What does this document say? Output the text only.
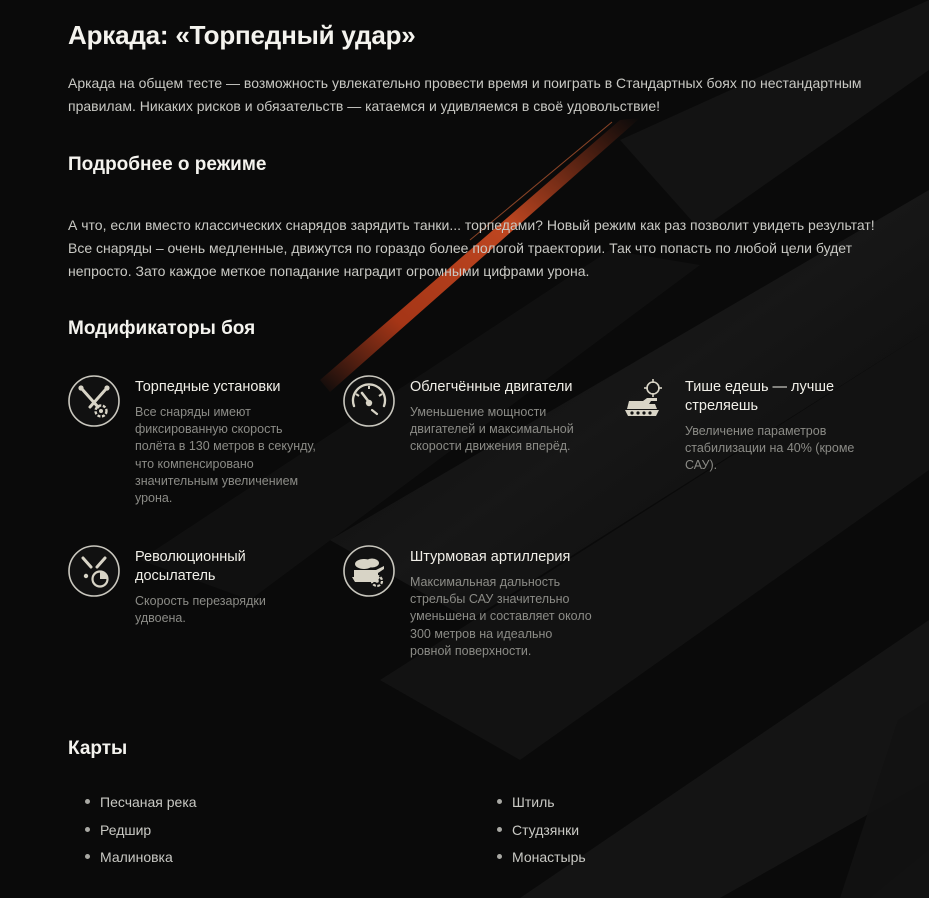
Аркада: «Торпедный удар»

Аркада на общем тесте — возможность увлекательно провести время и поиграть в Стандартных боях по нестандартным правилам. Никаких рисков и обязательств — катаемся и удивляемся в своё удовольствие!

Подробнее о режиме

А что, если вместо классических снарядов зарядить танки... торпедами? Новый режим как раз позволит увидеть результат! Все снаряды – очень медленные, движутся по гораздо более пологой траектории. Так что попасть по любой цели будет непросто. Зато каждое меткое попадание наградит огромными цифрами урона.

Модификаторы боя
Торпедные установки
Все снаряды имеют фиксированную скорость полёта в 130 метров в секунду, что компенсировано значительным увеличением урона.
Облегчённые двигатели
Уменьшение мощности двигателей и максимальной скорости движения вперёд.
Тише едешь — лучше стреляешь
Увеличение параметров стабилизации на 40% (кроме САУ).
Революционный досылатель
Скорость перезарядки удвоена.
Штурмовая артиллерия
Максимальная дальность стрельбы САУ значительно уменьшена и составляет около 300 метров на идеально ровной поверхности.
Карты
Песчаная река
Редшир
Малиновка
Штиль
Студзянки
Монастырь
